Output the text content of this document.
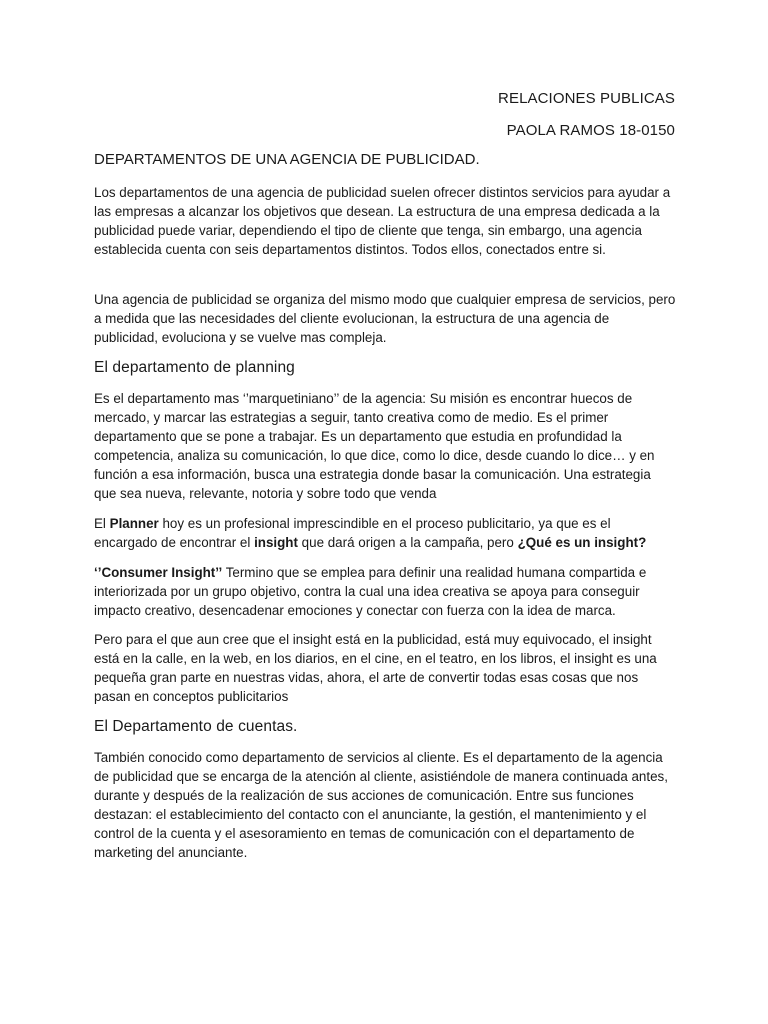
RELACIONES PUBLICAS
PAOLA RAMOS 18-0150
DEPARTAMENTOS DE UNA AGENCIA DE PUBLICIDAD.

Los departamentos de una agencia de publicidad suelen ofrecer distintos servicios para ayudar a las empresas a alcanzar los objetivos que desean. La estructura de una empresa dedicada a la publicidad puede variar, dependiendo el tipo de cliente que tenga, sin embargo, una agencia establecida cuenta con seis departamentos distintos. Todos ellos, conectados entre si.

Una agencia de publicidad se organiza del mismo modo que cualquier empresa de servicios, pero a medida que las necesidades del cliente evolucionan, la estructura de una agencia de publicidad, evoluciona y se vuelve mas compleja.

El departamento de planning

Es el departamento mas ‘’marquetiniano’’ de la agencia: Su misión es encontrar huecos de mercado, y marcar las estrategias a seguir, tanto creativa como de medio. Es el primer departamento que se pone a trabajar. Es un departamento que estudia en profundidad la competencia, analiza su comunicación, lo que dice, como lo dice, desde cuando lo dice… y en función a esa información, busca una estrategia donde basar la comunicación. Una estrategia que sea nueva, relevante, notoria y sobre todo que venda

El Planner hoy es un profesional imprescindible en el proceso publicitario, ya que es el encargado de encontrar el insight que dará origen a la campaña, pero ¿Qué es un insight?

‘’Consumer Insight’’ Termino que se emplea para definir una realidad humana compartida e interiorizada por un grupo objetivo, contra la cual una idea creativa se apoya para conseguir impacto creativo, desencadenar emociones y conectar con fuerza con la idea de marca.

Pero para el que aun cree que el insight está en la publicidad, está muy equivocado, el insight está en la calle, en la web, en los diarios, en el cine, en el teatro, en los libros, el insight es una pequeña gran parte en nuestras vidas, ahora, el arte de convertir todas esas cosas que nos pasan en conceptos publicitarios

El Departamento de cuentas.

También conocido como departamento de servicios al cliente. Es el departamento de la agencia de publicidad que se encarga de la atención al cliente, asistiéndole de manera continuada antes, durante y después de la realización de sus acciones de comunicación. Entre sus funciones destazan: el establecimiento del contacto con el anunciante, la gestión, el mantenimiento y el control de la cuenta y el asesoramiento en temas de comunicación con el departamento de marketing del anunciante.
